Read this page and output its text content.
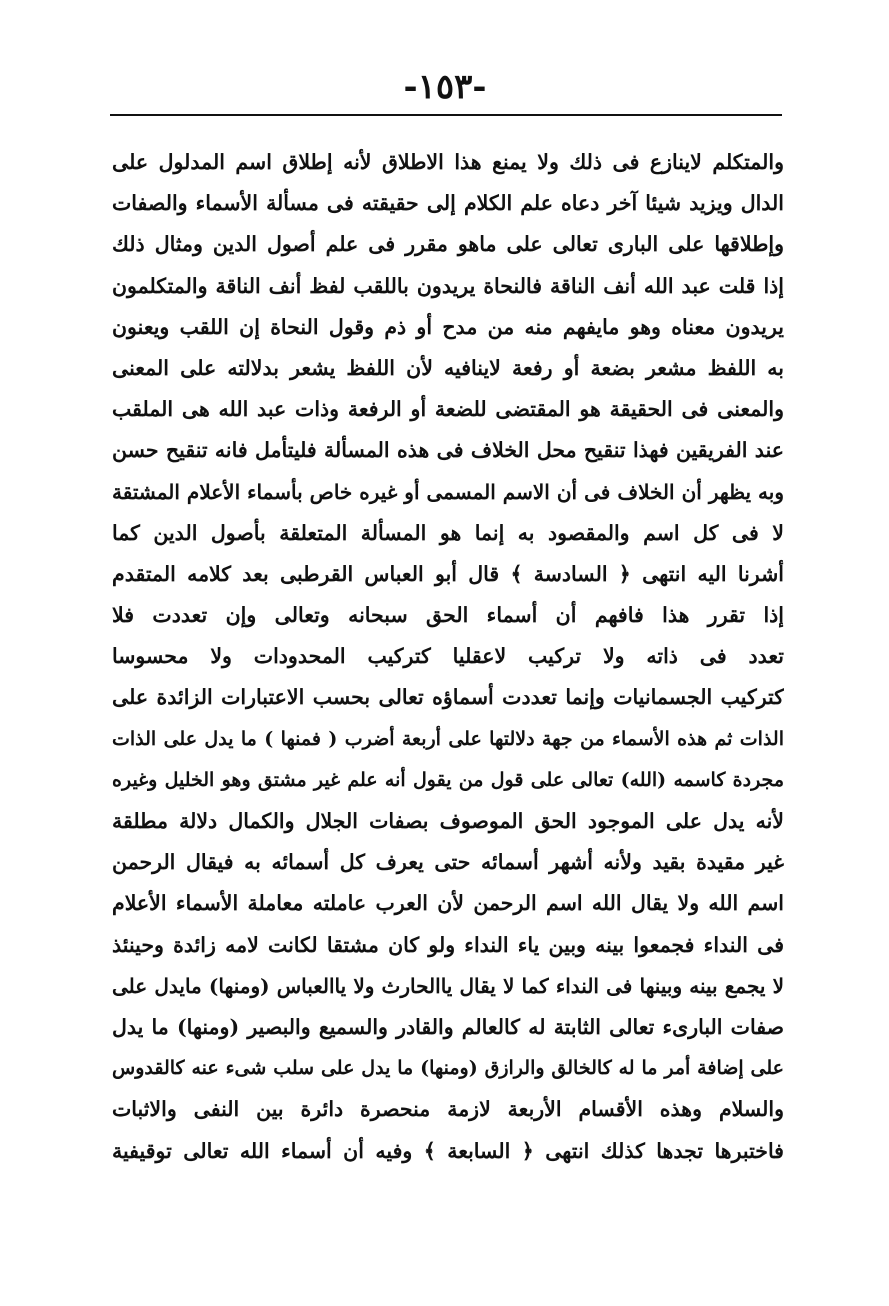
-١٥٣-
والمتكلم لاينازع فى ذلك ولا يمنع هذا الاطلاق لأنه إطلاق اسم المدلول على
الدال ويزيد شيئا آخر دعاه علم الكلام إلى حقيقته فى مسألة الأسماء والصفات
وإطلاقها على البارى تعالى على ماهو مقرر فى علم أصول الدين ومثال ذلك
إذا قلت عبد الله أنف الناقة فالنحاة يريدون باللقب لفظ أنف الناقة والمتكلمون
يريدون معناه وهو مايفهم منه من مدح أو ذم وقول النحاة إن اللقب ويعنون
به اللفظ مشعر بضعة أو رفعة لاينافيه لأن اللفظ يشعر بدلالته على المعنى
والمعنى فى الحقيقة هو المقتضى للضعة أو الرفعة وذات عبد الله هى الملقب
عند الفريقين فهذا تنقيح محل الخلاف فى هذه المسألة فليتأمل فانه تنقيح حسن
وبه يظهر أن الخلاف فى أن الاسم المسمى أو غيره خاص بأسماء الأعلام المشتقة
لا فى كل اسم والمقصود به إنما هو المسألة المتعلقة بأصول الدين كما
أشرنا اليه انتهى ﴿ السادسة ﴾ قال أبو العباس القرطبى بعد كلامه المتقدم
إذا تقرر هذا فافهم أن أسماء الحق سبحانه وتعالى وإن تعددت فلا
تعدد فى ذاته ولا تركيب لاعقليا كتركيب المحدودات ولا محسوسا
كتركيب الجسمانيات وإنما تعددت أسماؤه تعالى بحسب الاعتبارات الزائدة على
الذات ثم هذه الأسماء من جهة دلالتها على أربعة أضرب ( فمنها ) ما يدل على الذات
مجردة كاسمه (الله) تعالى على قول من يقول أنه علم غير مشتق وهو الخليل وغيره
لأنه يدل على الموجود الحق الموصوف بصفات الجلال والكمال دلالة مطلقة
غير مقيدة بقيد ولأنه أشهر أسمائه حتى يعرف كل أسمائه به فيقال الرحمن
اسم الله ولا يقال الله اسم الرحمن لأن العرب عاملته معاملة الأسماء الأعلام
فى النداء فجمعوا بينه وبين ياء النداء ولو كان مشتقا لكانت لامه زائدة وحينئذ
لا يجمع بينه وبينها فى النداء كما لا يقال ياالحارث ولا ياالعباس (ومنها) مايدل على
صفات البارىء تعالى الثابتة له كالعالم والقادر والسميع والبصير (ومنها) ما يدل
على إضافة أمر ما له كالخالق والرازق (ومنها) ما يدل على سلب شىء عنه كالقدوس
والسلام وهذه الأقسام الأربعة لازمة منحصرة دائرة بين النفى والاثبات
فاختبرها تجدها كذلك انتهى ﴿ السابعة ﴾ وفيه أن أسماء الله تعالى توقيفية
